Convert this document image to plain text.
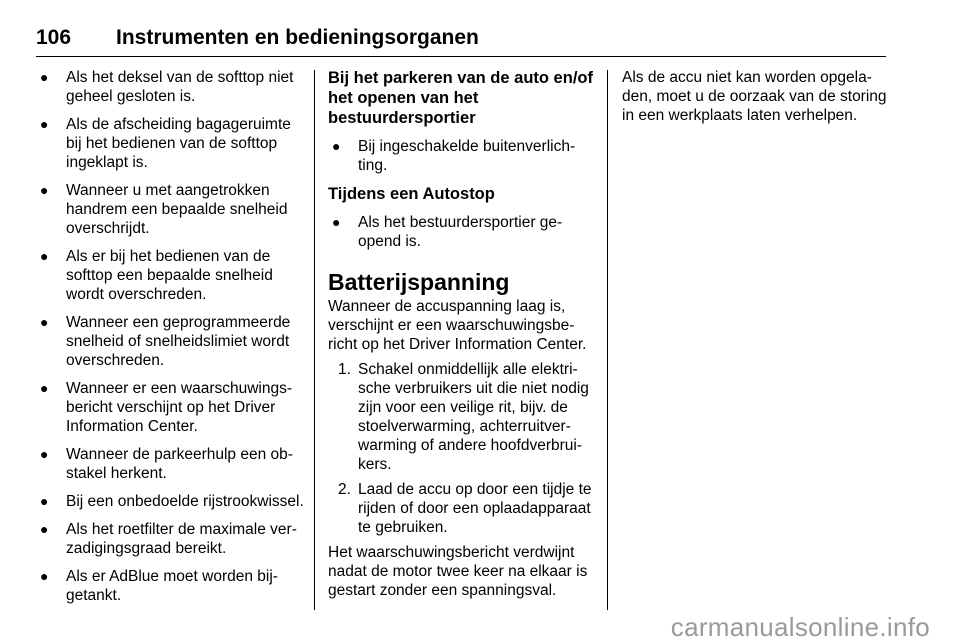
106 Instrumenten en bedieningsorganen
● Als het deksel van de softtop niet geheel gesloten is.
● Als de afscheiding bagageruimte bij het bedienen van de softtop ingeklapt is.
● Wanneer u met aangetrokken handrem een bepaalde snelheid overschrijdt.
● Als er bij het bedienen van de softtop een bepaalde snelheid wordt overschreden.
● Wanneer een geprogrammeerde snelheid of snelheidslimiet wordt overschreden.
● Wanneer er een waarschuwingsbericht verschijnt op het Driver Information Center.
● Wanneer de parkeerhulp een obstakel herkent.
● Bij een onbedoelde rijstrookwissel.
● Als het roetfilter de maximale verzadigingsgraad bereikt.
● Als er AdBlue moet worden bijgetankt.
Bij het parkeren van de auto en/of het openen van het bestuurdersportier
● Bij ingeschakelde buitenverlichting.
Tijdens een Autostop
● Als het bestuurdersportier geopend is.
Batterijspanning

Wanneer de accuspanning laag is, verschijnt er een waarschuwingsbericht op het Driver Information Center.

1. Schakel onmiddellijk alle elektrische verbruikers uit die niet nodig zijn voor een veilige rit, bijv. de stoelverwarming, achterruitverwarming of andere hoofdverbruikers.
2. Laad de accu op door een tijdje te rijden of door een oplaadapparaat te gebruiken.

Het waarschuwingsbericht verdwijnt nadat de motor twee keer na elkaar is gestart zonder een spanningsval.

Als de accu niet kan worden opgeladen, moet u de oorzaak van de storing in een werkplaats laten verhelpen.

carmanualsonline.info
